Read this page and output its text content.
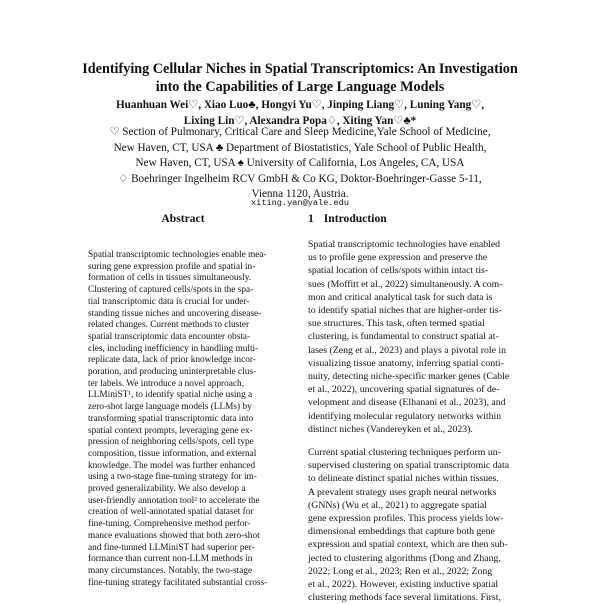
Identifying Cellular Niches in Spatial Transcriptomics: An Investigation
into the Capabilities of Large Language Models
Huanhuan Wei♡, Xiao Luo♣, Hongyi Yu♡, Jinping Liang♡, Luning Yang♡,
Lixing Lin♡, Alexandra Popa♢, Xiting Yan♡♣*
♡ Section of Pulmonary, Critical Care and Sleep Medicine,Yale School of Medicine,
New Haven, CT, USA ♣ Department of Biostatistics, Yale School of Public Health,
New Haven, CT, USA ♠ University of California, Los Angeles, CA, USA
♢ Boehringer Ingelheim RCV GmbH & Co KG, Doktor-Boehringer-Gasse 5-11,
Vienna 1120, Austria.
xiting.yan@yale.edu
Abstract
Spatial transcriptomic technologies enable mea-
suring gene expression profile and spatial in-
formation of cells in tissues simultaneously.
Clustering of captured cells/spots in the spa-
tial transcriptomic data is crucial for under-
standing tissue niches and uncovering disease-
related changes. Current methods to cluster
spatial transcriptomic data encounter obsta-
cles, including inefficiency in handling multi-
replicate data, lack of prior knowledge incor-
poration, and producing uninterpretable clus-
ter labels. We introduce a novel approach,
LLMiniST¹, to identify spatial niche using a
zero-shot large language models (LLMs) by
transforming spatial transcriptomic data into
spatial context prompts, leveraging gene ex-
pression of neighboring cells/spots, cell type
composition, tissue information, and external
knowledge. The model was further enhanced
using a two-stage fine-tuning strategy for im-
proved generalizability. We also develop a
user-friendly annotation tool² to accelerate the
creation of well-annotated spatial dataset for
fine-tuning. Comprehensive method perfor-
mance evaluations showed that both zero-shot
and fine-tunned LLMiniST had superior per-
formance than current non-LLM methods in
many circumstances. Notably, the two-stage
fine-tuning strategy facilitated substantial cross-
1 Introduction
Spatial transcriptomic technologies have enabled
us to profile gene expression and preserve the
spatial location of cells/spots within intact tis-
sues (Moffitt et al., 2022) simultaneously. A com-
mon and critical analytical task for such data is
to identify spatial niches that are higher-order tis-
sue structures. This task, often termed spatial
clustering, is fundamental to construct spatial at-
lases (Zeng et al., 2023) and plays a pivotal role in
visualizing tissue anatomy, inferring spatial conti-
nuity, detecting niche-specific marker genes (Cable
et al., 2022), uncovering spatial signatures of de-
velopment and disease (Elhanani et al., 2023), and
identifying molecular regulatory networks within
distinct niches (Vandereyken et al., 2023).
Current spatial clustering techniques perform un-
supervised clustering on spatial transcriptomic data
to delineate distinct spatial niches within tissues.
A prevalent strategy uses graph neural networks
(GNNs) (Wu et al., 2021) to aggregate spatial
gene expression profiles. This process yields low-
dimensional embeddings that capture both gene
expression and spatial context, which are then sub-
jected to clustering algorithms (Dong and Zhang,
2022; Long et al., 2023; Ren et al., 2022; Zong
et al., 2022). However, existing inductive spatial
clustering methods face several limitations. First,
